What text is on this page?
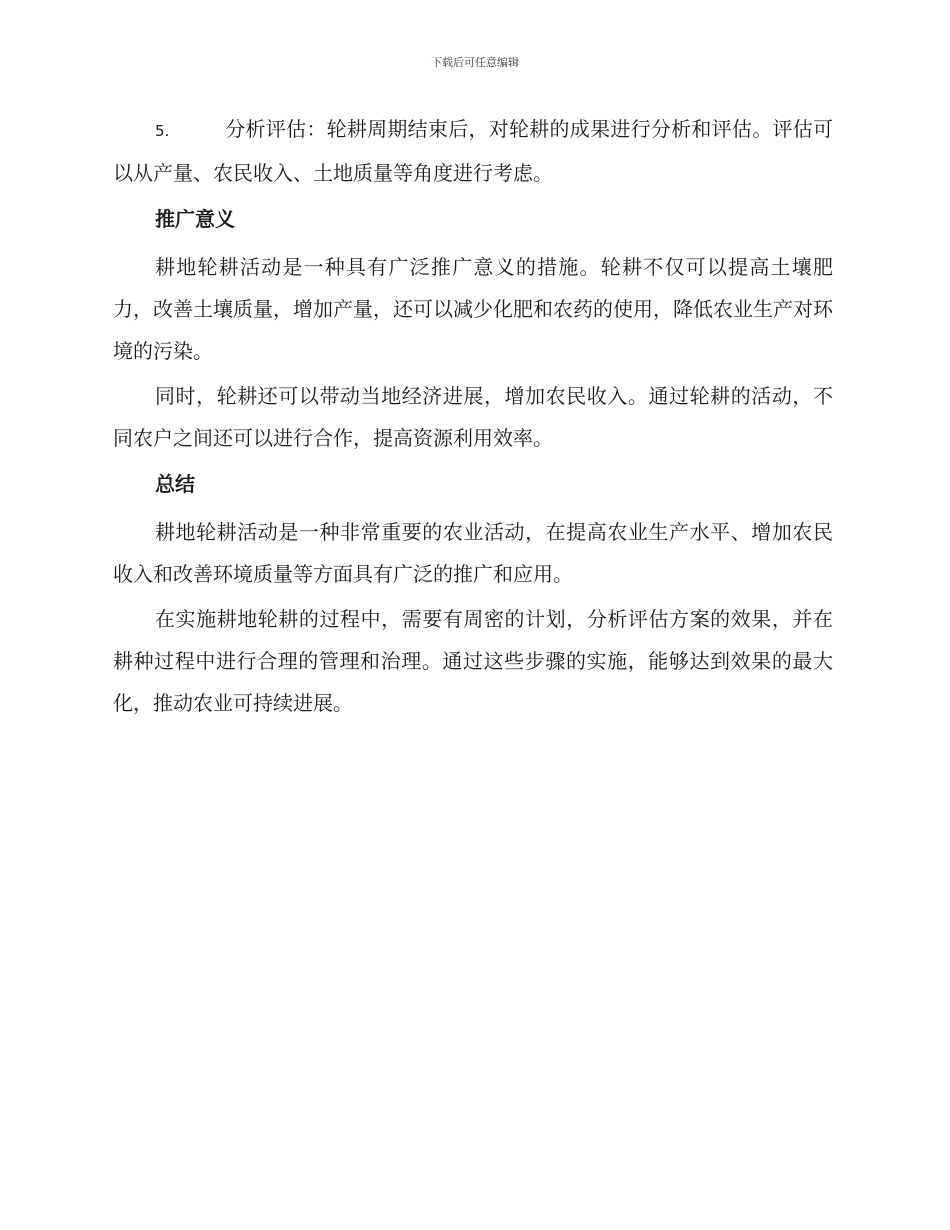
下载后可任意编辑

5.	分析评估：轮耕周期结束后，对轮耕的成果进行分析和评估。评估可以从产量、农民收入、土地质量等角度进行考虑。

推广意义

耕地轮耕活动是一种具有广泛推广意义的措施。轮耕不仅可以提高土壤肥力，改善土壤质量，增加产量，还可以减少化肥和农药的使用，降低农业生产对环境的污染。

同时，轮耕还可以带动当地经济进展，增加农民收入。通过轮耕的活动，不同农户之间还可以进行合作，提高资源利用效率。

总结

耕地轮耕活动是一种非常重要的农业活动，在提高农业生产水平、增加农民收入和改善环境质量等方面具有广泛的推广和应用。

在实施耕地轮耕的过程中，需要有周密的计划，分析评估方案的效果，并在耕种过程中进行合理的管理和治理。通过这些步骤的实施，能够达到效果的最大化，推动农业可持续进展。
